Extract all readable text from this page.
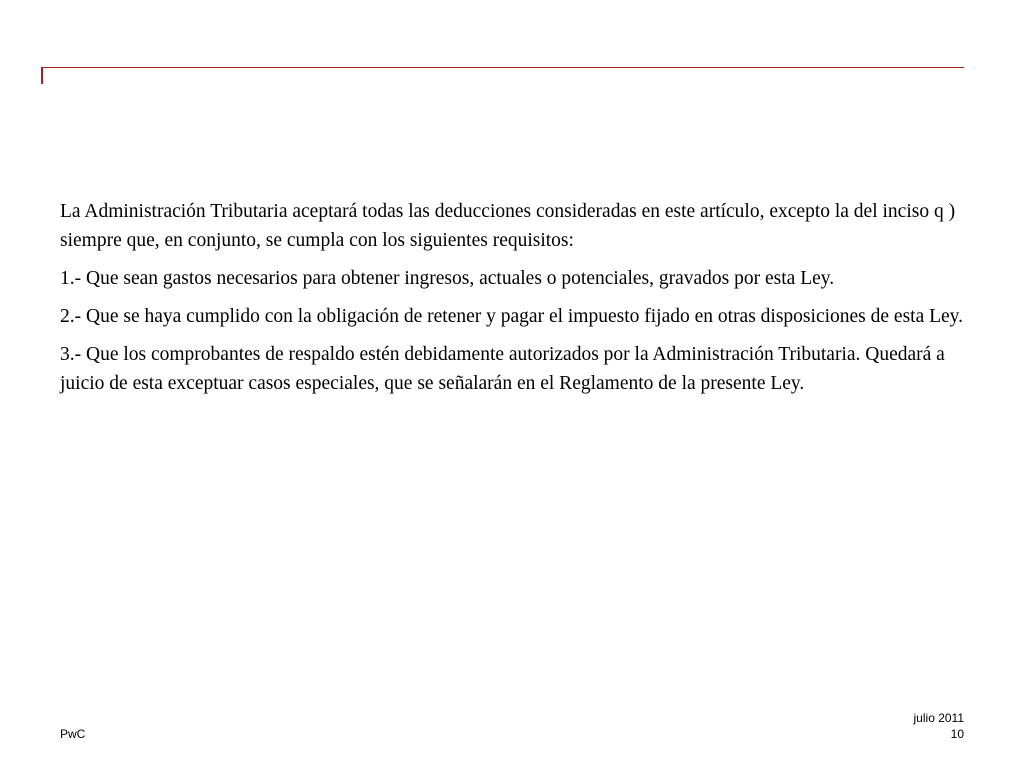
La Administración Tributaria aceptará todas las deducciones consideradas en este artículo, excepto la del inciso q ) siempre que, en conjunto, se cumpla con los siguientes requisitos:

1.- Que sean gastos necesarios para obtener ingresos, actuales o potenciales, gravados por esta Ley.

2.- Que se haya cumplido con la obligación de retener y pagar el impuesto fijado en otras disposiciones de esta Ley.

3.- Que los comprobantes de respaldo estén debidamente autorizados por la Administración Tributaria. Quedará a juicio de esta exceptuar casos especiales, que se señalarán en el Reglamento de la presente Ley.

PwC
julio 2011
10
